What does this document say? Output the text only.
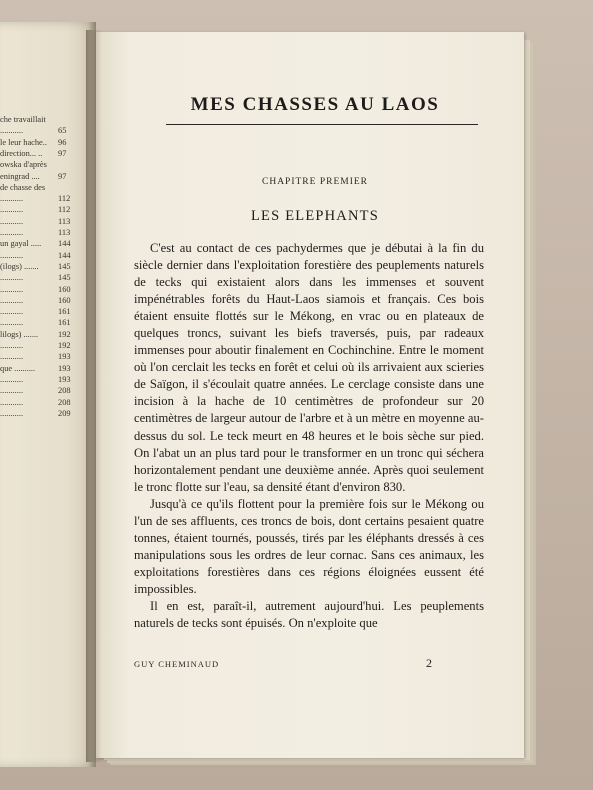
che travaillait
...........	65
le leur hache..	96
direction... ..	97
owska d'après
eningrad ....	97
de chasse des
...........	112
...........	112
...........	113
...........	113
un gayal .....	144
...........	144
(ilogs) .......	145
...........	145
...........	160
...........	160
...........	161
...........	161
lilogs) .......	192
...........	192
...........	193
que ..........	193
...........	193
...........	208
...........	208
...........	209
MES CHASSES AU LAOS
CHAPITRE PREMIER
LES ELEPHANTS

C'est au contact de ces pachydermes que je débutai à la fin du siècle dernier dans l'exploitation forestière des peuplements naturels de tecks qui existaient alors dans les immenses et souvent impénétrables forêts du Haut-Laos siamois et français. Ces bois étaient ensuite flottés sur le Mékong, en vrac ou en plateaux de quelques troncs, suivant les biefs traversés, puis, par radeaux immenses pour aboutir finalement en Cochinchine. Entre le moment où l'on cerclait les tecks en forêt et celui où ils arrivaient aux scieries de Saïgon, il s'écoulait quatre années. Le cerclage consiste dans une incision à la hache de 10 centimètres de profondeur sur 20 centimètres de largeur autour de l'arbre et à un mètre en moyenne au-dessus du sol. Le teck meurt en 48 heures et le bois sèche sur pied. On l'abat un an plus tard pour le transformer en un tronc qui séchera horizontalement pendant une deuxième année. Après quoi seulement le tronc flotte sur l'eau, sa densité étant d'environ 830.

Jusqu'à ce qu'ils flottent pour la première fois sur le Mékong ou l'un de ses affluents, ces troncs de bois, dont certains pesaient quatre tonnes, étaient tournés, poussés, tirés par les éléphants dressés à ces manipulations sous les ordres de leur cornac. Sans ces animaux, les exploitations forestières dans ces régions éloignées eussent été impossibles.

Il en est, paraît-il, autrement aujourd'hui. Les peuplements naturels de tecks sont épuisés. On n'exploite que

GUY CHEMINAUD	2
